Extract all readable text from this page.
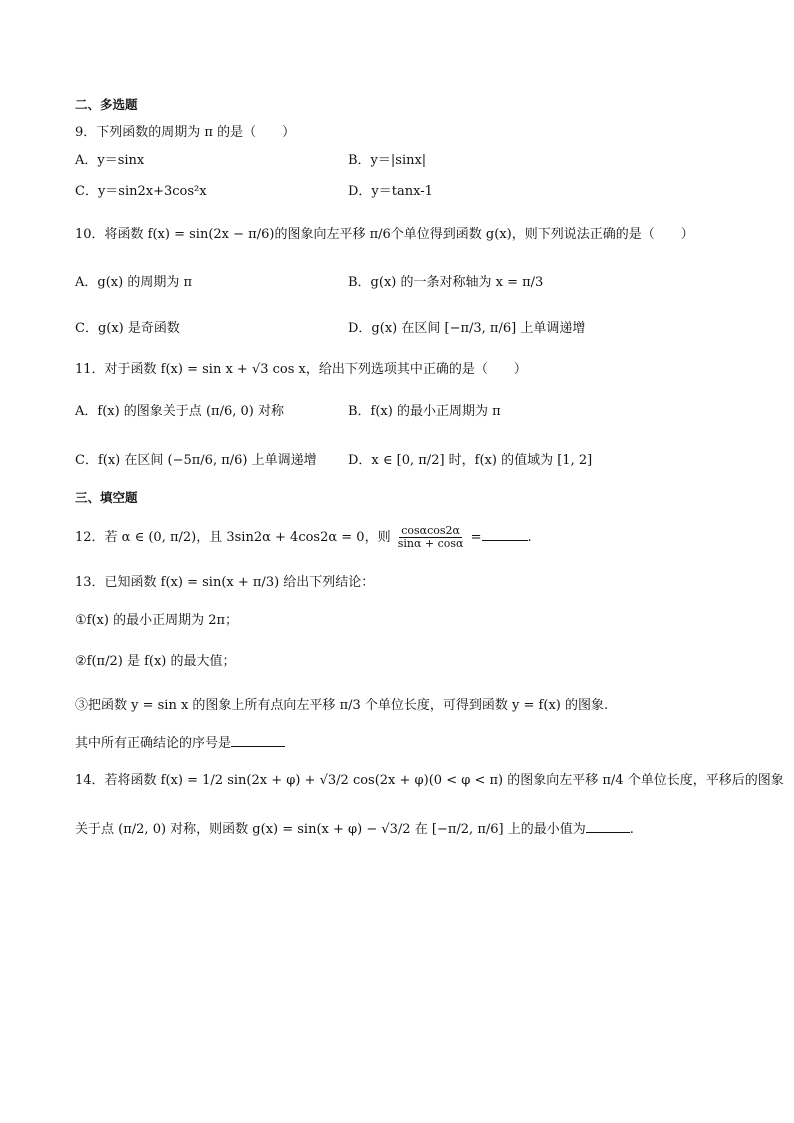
二、多选题
9．下列函数的周期为 π 的是（　　）
A．y＝sinx	B．y＝|sinx|
C．y＝sin2x+3cos²x	D．y＝tanx-1
10．将函数 f(x) = sin(2x − π/6)的图象向左平移 π/6个单位得到函数 g(x)，则下列说法正确的是（　　）
A．g(x) 的周期为 π	B．g(x) 的一条对称轴为 x = π/3
C．g(x) 是奇函数	D．g(x) 在区间 [−π/3, π/6] 上单调递增
11．对于函数 f(x) = sin x + √3 cos x，给出下列选项其中正确的是（　　）
A．f(x) 的图象关于点 (π/6, 0) 对称	B．f(x) 的最小正周期为 π
C．f(x) 在区间 (−5π/6, π/6) 上单调递增 D．x ∈ [0, π/2] 时，f(x) 的值域为 [1, 2]
三、填空题
12．若 α ∈ (0, π/2)，且 3sin2α + 4cos2α = 0，则 $\frac{\cos\alpha\cos 2\alpha}{\sin\alpha + \cos\alpha}$ =	.
13．已知函数 f(x) = sin(x + π/3) 给出下列结论：
①f(x) 的最小正周期为 2π；
②f(π/2) 是 f(x) 的最大值；
③把函数 y = sin x 的图象上所有点向左平移 π/3 个单位长度，可得到函数 y = f(x) 的图象.
其中所有正确结论的序号是
14．若将函数 f(x) = 1/2 sin(2x + φ) + √3/2 cos(2x + φ)(0 < φ < π) 的图象向左平移 π/4 个单位长度，平移后的图象
关于点 (π/2, 0) 对称，则函数 g(x) = sin(x + φ) − √3/2 在 [−π/2, π/6] 上的最小值为	.
